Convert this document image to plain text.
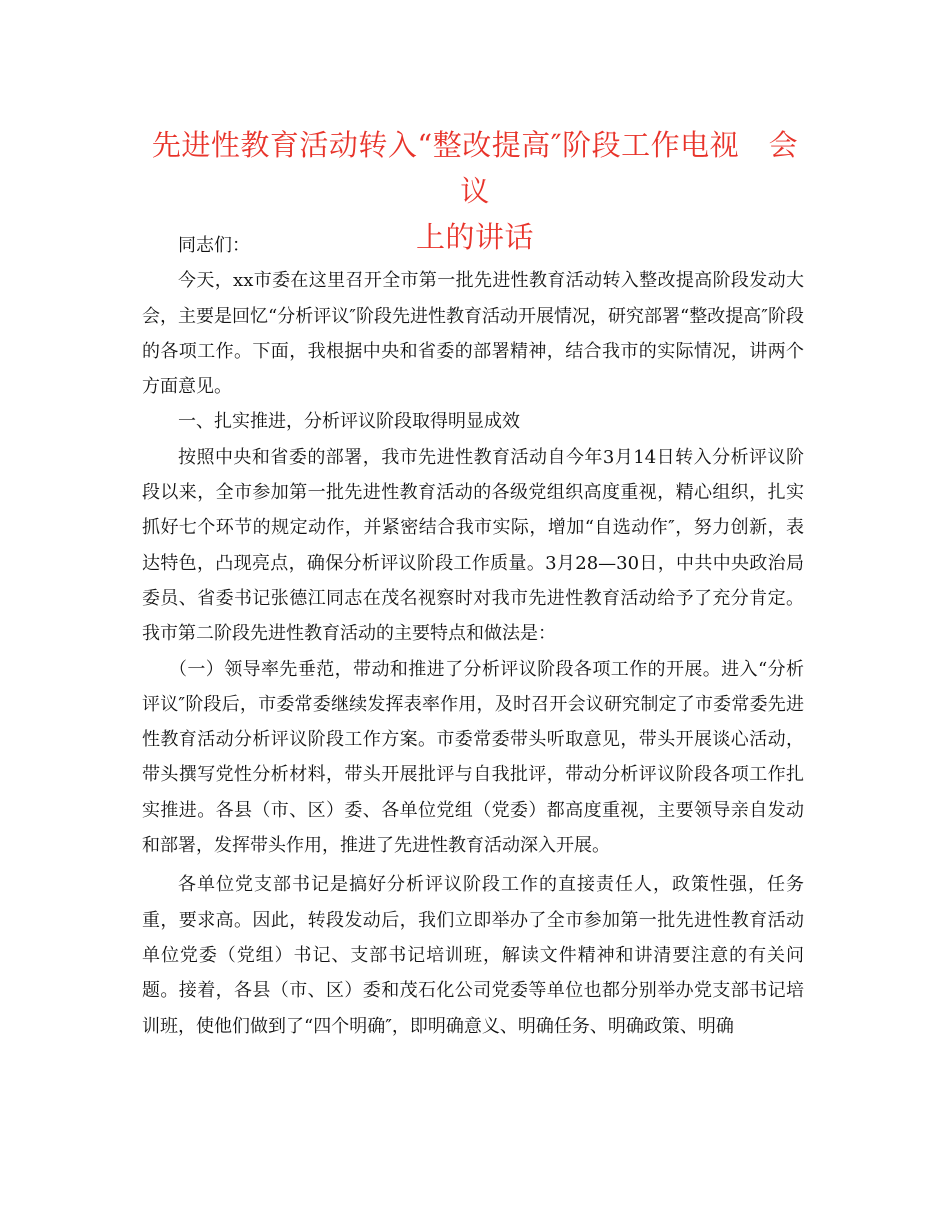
先进性教育活动转入“整改提高″阶段工作电视　会议
上的讲话

同志们：

今天，xx市委在这里召开全市第一批先进性教育活动转入整改提高阶段发动大会，主要是回忆“分析评议″阶段先进性教育活动开展情况，研究部署“整改提高″阶段的各项工作。下面，我根据中央和省委的部署精神，结合我市的实际情况，讲两个方面意见。

一、扎实推进，分析评议阶段取得明显成效

按照中央和省委的部署，我市先进性教育活动自今年3月14日转入分析评议阶段以来，全市参加第一批先进性教育活动的各级党组织高度重视，精心组织，扎实抓好七个环节的规定动作，并紧密结合我市实际，增加“自选动作″，努力创新，表达特色，凸现亮点，确保分析评议阶段工作质量。3月28—30日，中共中央政治局委员、省委书记张德江同志在茂名视察时对我市先进性教育活动给予了充分肯定。我市第二阶段先进性教育活动的主要特点和做法是：

（一）领导率先垂范，带动和推进了分析评议阶段各项工作的开展。进入“分析评议″阶段后，市委常委继续发挥表率作用，及时召开会议研究制定了市委常委先进性教育活动分析评议阶段工作方案。市委常委带头听取意见，带头开展谈心活动，带头撰写党性分析材料，带头开展批评与自我批评，带动分析评议阶段各项工作扎实推进。各县（市、区）委、各单位党组（党委）都高度重视，主要领导亲自发动和部署，发挥带头作用，推进了先进性教育活动深入开展。

各单位党支部书记是搞好分析评议阶段工作的直接责任人，政策性强，任务重，要求高。因此，转段发动后，我们立即举办了全市参加第一批先进性教育活动单位党委（党组）书记、支部书记培训班，解读文件精神和讲清要注意的有关问题。接着，各县（市、区）委和茂石化公司党委等单位也都分别举办党支部书记培训班，使他们做到了“四个明确″，即明确意义、明确任务、明确政策、明确
